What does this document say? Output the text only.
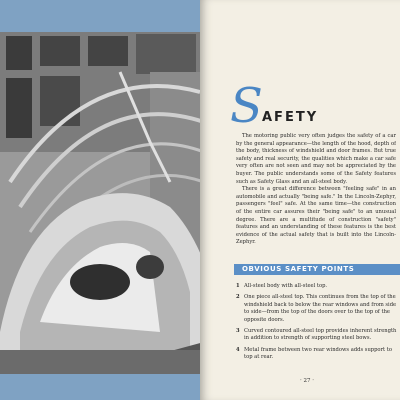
S AFETY

The motoring public very often judges the safety of a car by the general appearance—the length of the hood, depth of the body, thickness of windshield and door frames. But true safety and real security, the qualities which make a car safe very often are not seen and may not be appreciated by the buyer. The public understands some of the Safety features such as Safety Glass and an all-steel body.

There is a great difference between "feeling safe" in an automobile and actually "being safe." In the Lincoln-Zephyr, passengers "feel" safe. At the same time—the construction of the entire car assures their "being safe" to an unusual degree. There are a multitude of construction "safety" features and an understanding of these features is the best evidence of the actual safety that is built into the Lincoln-Zephyr.

OBVIOUS SAFETY POINTS
1 All-steel body with all-steel top.
2 One piece all-steel top. This continues from the top of the windshield back to below the rear windows and from side to side—from the top of the doors over to the top of the opposite doors.
3 Curved contoured all-steel top provides inherent strength in addition to strength of supporting steel bows.
4 Metal frame between two rear windows adds support to top at rear.
· 27 ·
